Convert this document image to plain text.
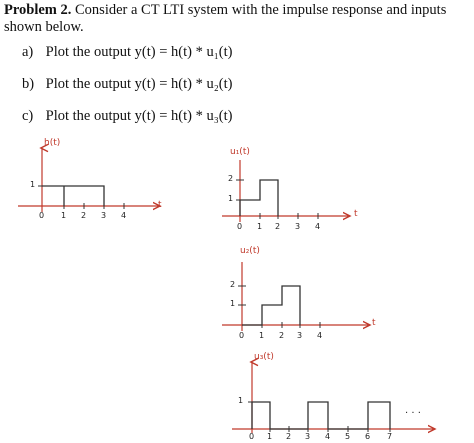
Problem 2. Consider a CT LTI system with the impulse response and inputs shown below.

a) Plot the output y(t) = h(t) * u₁(t)
b) Plot the output y(t) = h(t) * u₂(t)
c) Plot the output y(t) = h(t) * u₃(t)
h(t)
t
1
0 1 2 3 4
u₁(t)
t
2
1
0 1 2 3 4
u₂(t)
t
2
1
0 1 2 3 4
u₃(t)
1
· · ·
0 1 2 3 4 5 6 7
